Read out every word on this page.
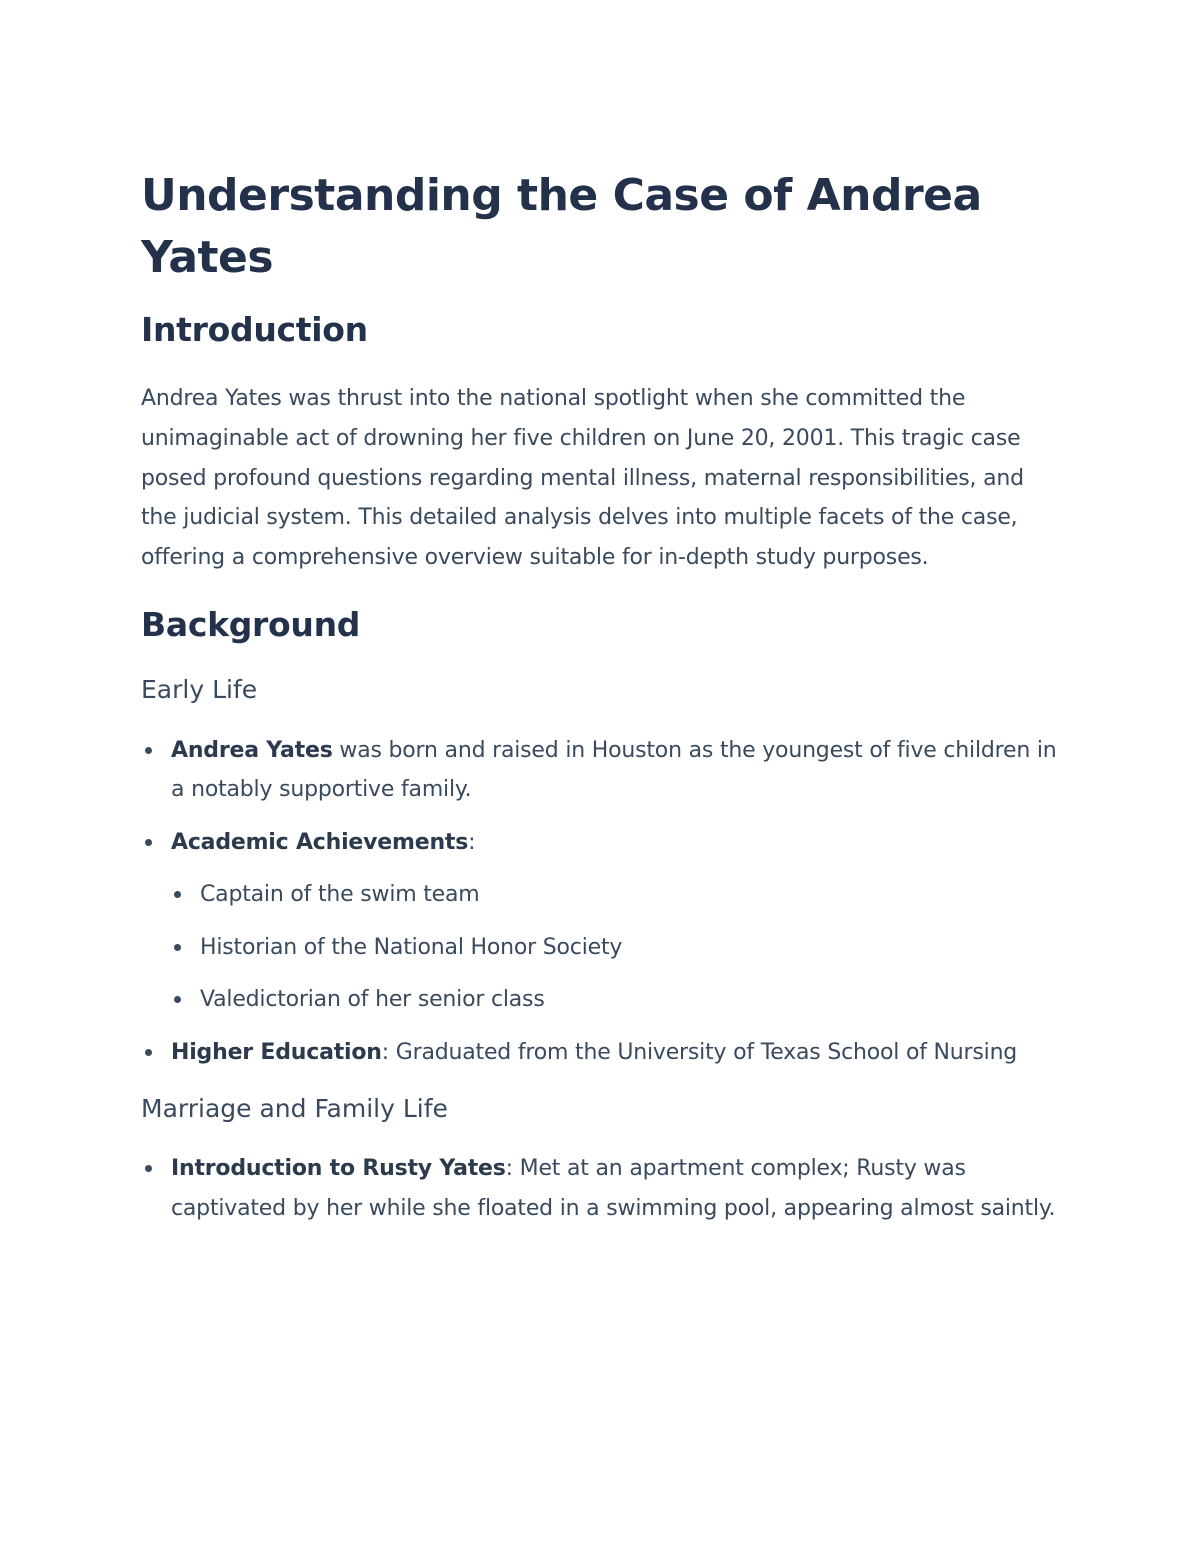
Understanding the Case of Andrea Yates
Introduction

Andrea Yates was thrust into the national spotlight when she committed the unimaginable act of drowning her five children on June 20, 2001. This tragic case posed profound questions regarding mental illness, maternal responsibilities, and the judicial system. This detailed analysis delves into multiple facets of the case, offering a comprehensive overview suitable for in-depth study purposes.

Background
Early Life
Andrea Yates was born and raised in Houston as the youngest of five children in a notably supportive family.
Academic Achievements:
Captain of the swim team
Historian of the National Honor Society
Valedictorian of her senior class
Higher Education: Graduated from the University of Texas School of Nursing
Marriage and Family Life
Introduction to Rusty Yates: Met at an apartment complex; Rusty was captivated by her while she floated in a swimming pool, appearing almost saintly.
